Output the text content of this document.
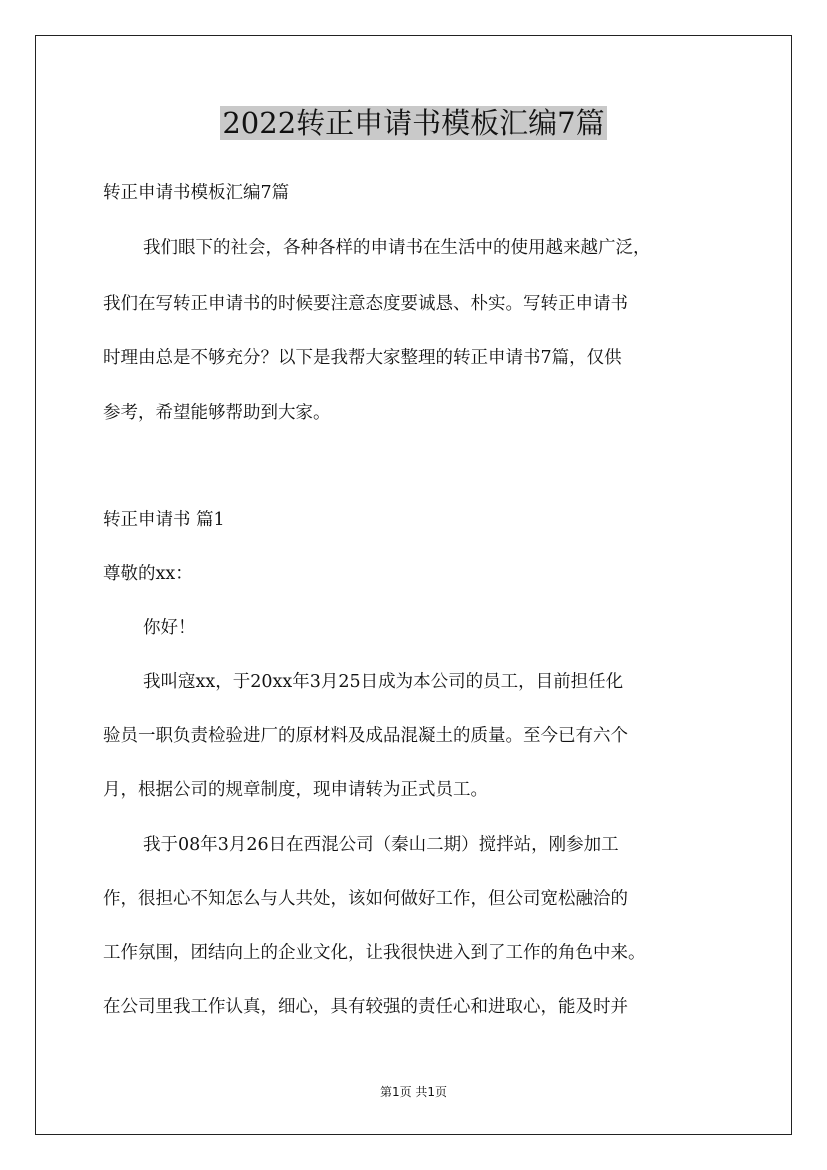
2022转正申请书模板汇编7篇

转正申请书模板汇编7篇

我们眼下的社会，各种各样的申请书在生活中的使用越来越广泛，

我们在写转正申请书的时候要注意态度要诚恳、朴实。写转正申请书

时理由总是不够充分？以下是我帮大家整理的转正申请书7篇，仅供

参考，希望能够帮助到大家。

转正申请书 篇1

尊敬的xx：

你好！

我叫寇xx，于20xx年3月25日成为本公司的员工，目前担任化

验员一职负责检验进厂的原材料及成品混凝土的质量。至今已有六个

月，根据公司的规章制度，现申请转为正式员工。

我于08年3月26日在西混公司（秦山二期）搅拌站，刚参加工

作，很担心不知怎么与人共处，该如何做好工作，但公司宽松融洽的

工作氛围，团结向上的企业文化，让我很快进入到了工作的角色中来。

在公司里我工作认真，细心，具有较强的责任心和进取心，能及时并

第1页 共1页
